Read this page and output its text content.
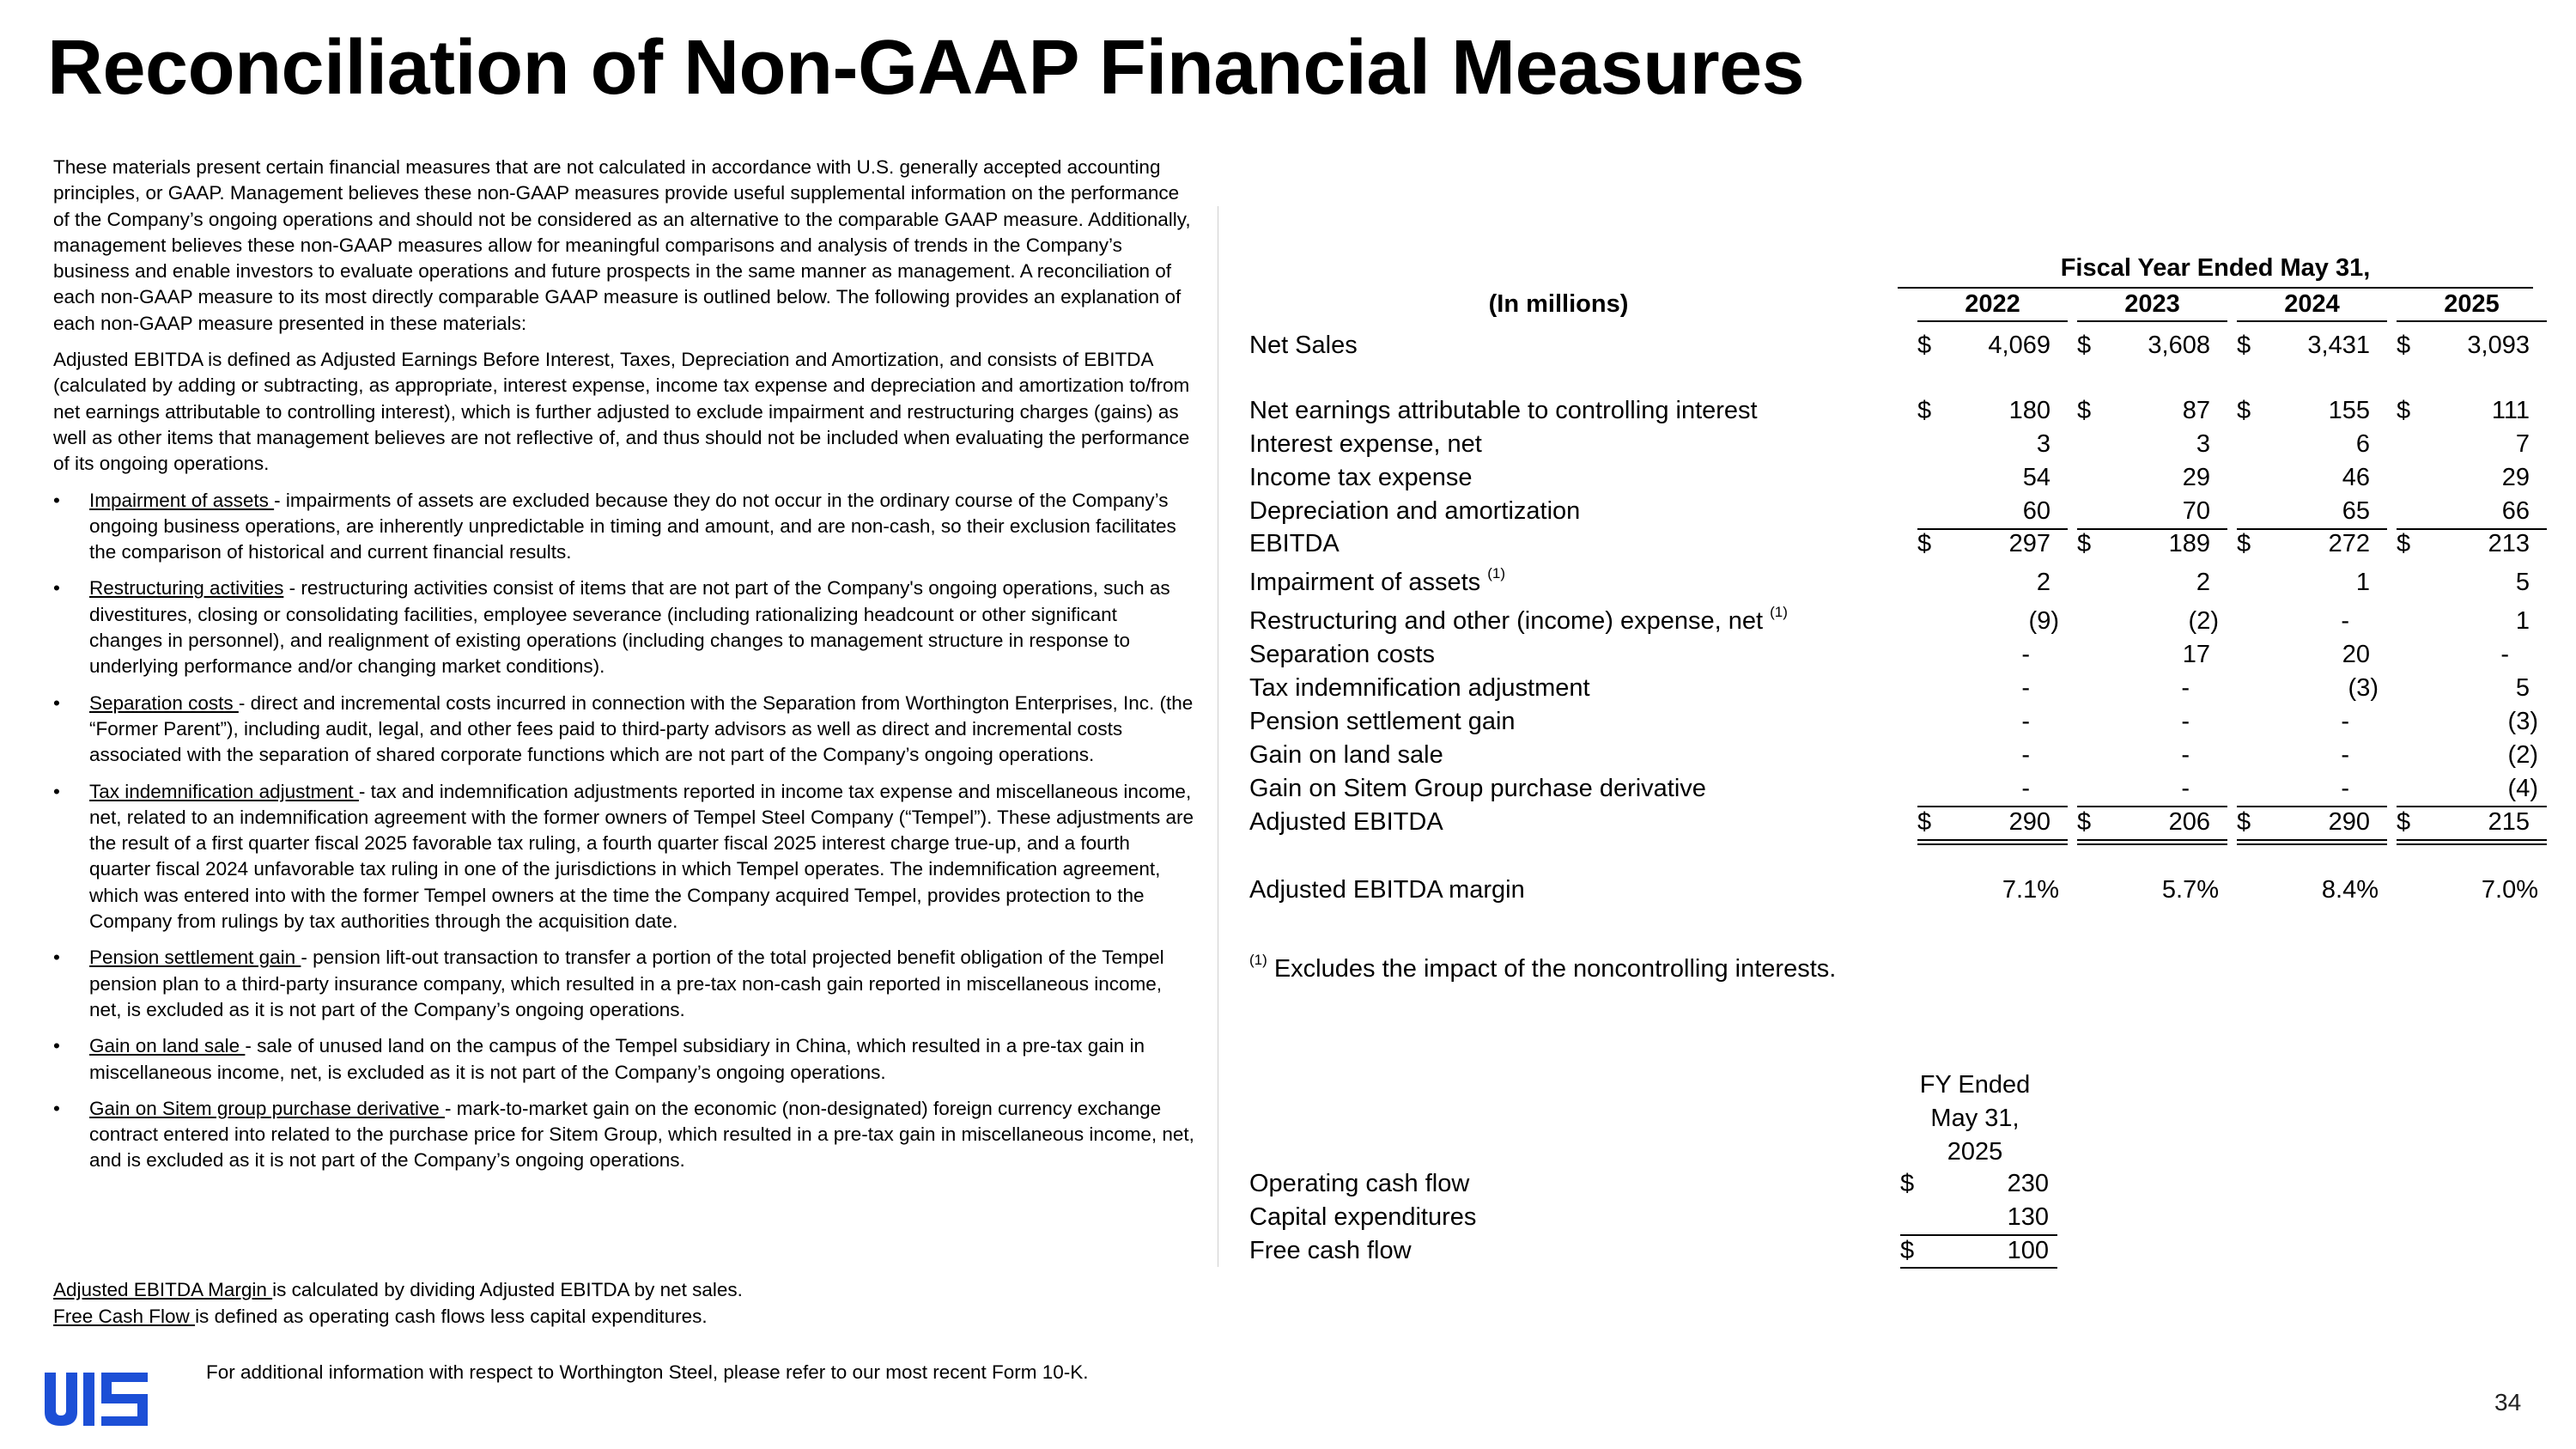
Reconciliation of Non-GAAP Financial Measures

These materials present certain financial measures that are not calculated in accordance with U.S. generally accepted accounting principles, or GAAP. Management believes these non-GAAP measures provide useful supplemental information on the performance of the Company’s ongoing operations and should not be considered as an alternative to the comparable GAAP measure. Additionally, management believes these non-GAAP measures allow for meaningful comparisons and analysis of trends in the Company’s business and enable investors to evaluate operations and future prospects in the same manner as management. A reconciliation of each non-GAAP measure to its most directly comparable GAAP measure is outlined below. The following provides an explanation of each non-GAAP measure presented in these materials:

Adjusted EBITDA is defined as Adjusted Earnings Before Interest, Taxes, Depreciation and Amortization, and consists of EBITDA (calculated by adding or subtracting, as appropriate, interest expense, income tax expense and depreciation and amortization to/from net earnings attributable to controlling interest), which is further adjusted to exclude impairment and restructuring charges (gains) as well as other items that management believes are not reflective of, and thus should not be included when evaluating the performance of its ongoing operations.

• Impairment of assets - impairments of assets are excluded because they do not occur in the ordinary course of the Company’s ongoing business operations, are inherently unpredictable in timing and amount, and are non-cash, so their exclusion facilitates the comparison of historical and current financial results.
• Restructuring activities - restructuring activities consist of items that are not part of the Company's ongoing operations, such as divestitures, closing or consolidating facilities, employee severance (including rationalizing headcount or other significant changes in personnel), and realignment of existing operations (including changes to management structure in response to underlying performance and/or changing market conditions).
• Separation costs - direct and incremental costs incurred in connection with the Separation from Worthington Enterprises, Inc. (the “Former Parent”), including audit, legal, and other fees paid to third-party advisors as well as direct and incremental costs associated with the separation of shared corporate functions which are not part of the Company’s ongoing operations.
• Tax indemnification adjustment - tax and indemnification adjustments reported in income tax expense and miscellaneous income, net, related to an indemnification agreement with the former owners of Tempel Steel Company (“Tempel”). These adjustments are the result of a first quarter fiscal 2025 favorable tax ruling, a fourth quarter fiscal 2025 interest charge true-up, and a fourth quarter fiscal 2024 unfavorable tax ruling in one of the jurisdictions in which Tempel operates. The indemnification agreement, which was entered into with the former Tempel owners at the time the Company acquired Tempel, provides protection to the Company from rulings by tax authorities through the acquisition date.
• Pension settlement gain - pension lift-out transaction to transfer a portion of the total projected benefit obligation of the Tempel pension plan to a third-party insurance company, which resulted in a pre-tax non-cash gain reported in miscellaneous income, net, is excluded as it is not part of the Company’s ongoing operations.
• Gain on land sale - sale of unused land on the campus of the Tempel subsidiary in China, which resulted in a pre-tax gain in miscellaneous income, net, is excluded as it is not part of the Company’s ongoing operations.
• Gain on Sitem group purchase derivative - mark-to-market gain on the economic (non-designated) foreign currency exchange contract entered into related to the purchase price for Sitem Group, which resulted in a pre-tax gain in miscellaneous income, net, and is excluded as it is not part of the Company’s ongoing operations.
Adjusted EBITDA Margin is calculated by dividing Adjusted EBITDA by net sales.
Free Cash Flow is defined as operating cash flows less capital expenditures.
For additional information with respect to Worthington Steel, please refer to our most recent Form 10-K.
Fiscal Year Ended May 31,
(In millions)	2022	2023	2024	2025
Net Sales	$ 4,069 $ 3,608 $ 3,431 $ 3,093
Net earnings attributable to controlling interest	$	180 $	87 $	155 $	111
Interest expense, net	3	3	6	7
Income tax expense	54	29	46	29
Depreciation and amortization	60	70	65	66
EBITDA	$	297 $	189 $	272 $	213
Impairment of assets $^{(1)}$	2	2	1	5
Restructuring and other (income) expense, net $^{(1)}$	(9)	(2)	-	1
Separation costs	-	17	20	-
Tax indemnification adjustment	-	-	(3)	5
Pension settlement gain	-	-	-	(3)
Gain on land sale	-	-	-	(2)
Gain on Sitem Group purchase derivative	-	-	-	(4)
Adjusted EBITDA	$	290 $	206 $	290 $	215
Adjusted EBITDA margin	7.1%	5.7%	8.4%	7.0%
$^{(1)}$ Excludes the impact of the noncontrolling interests.
FY Ended
May 31,
2025
Operating cash flow	$	230
Capital expenditures	130
Free cash flow	$	100
34
